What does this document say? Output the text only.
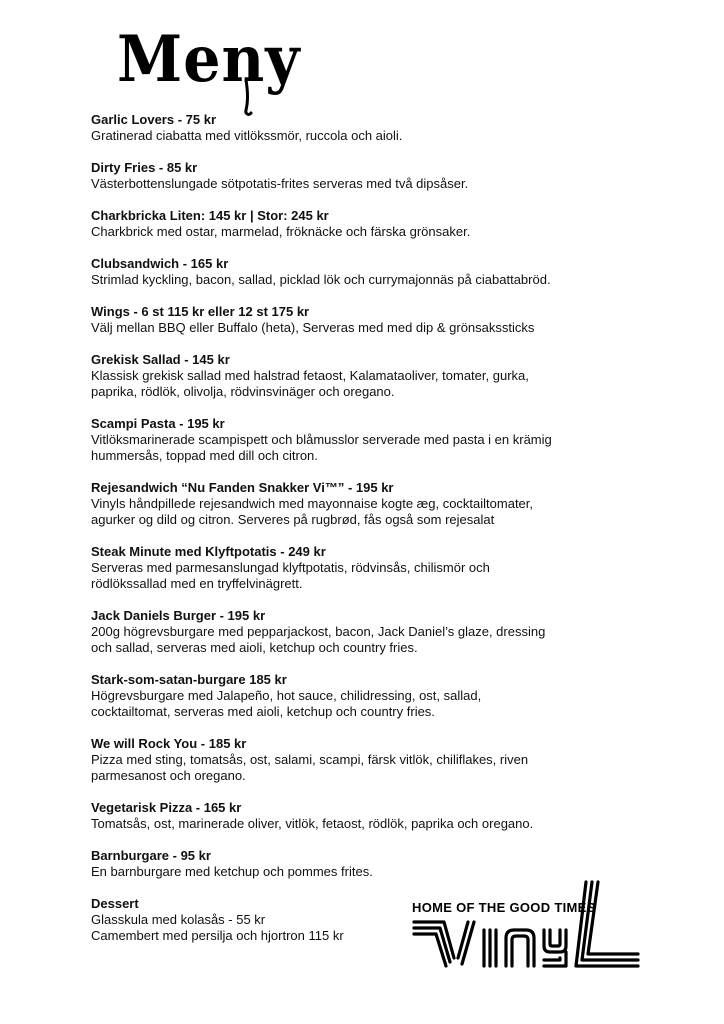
Meny
Garlic Lovers - 75 kr
Gratinerad ciabatta med vitlökssmör, ruccola och aioli.
Dirty Fries - 85 kr
Västerbottenslungade sötpotatis-frites serveras med två dipsåser.
Charkbricka Liten: 145 kr | Stor: 245 kr
Charkbrick med ostar, marmelad, fröknäcke och färska grönsaker.
Clubsandwich - 165 kr
Strimlad kyckling, bacon, sallad, picklad lök och currymajonnäs på ciabattabröd.
Wings - 6 st 115 kr eller 12 st 175 kr
Välj mellan BBQ eller Buffalo (heta), Serveras med med dip & grönsakssticks
Grekisk Sallad - 145 kr
Klassisk grekisk sallad med halstrad fetaost, Kalamataoliver, tomater, gurka, paprika, rödlök, olivolja, rödvinsvinäger och oregano.
Scampi Pasta - 195 kr
Vitlöksmarinerade scampispett och blåmusslor serverade med pasta i en krämig hummersås, toppad med dill och citron.
Rejesandwich “Nu Fanden Snakker Vi™” - 195 kr
Vinyls håndpillede rejesandwich med mayonnaise kogte æg, cocktailtomater, agurker og dild og citron. Serveres på rugbrød, fås også som rejesalat
Steak Minute med Klyftpotatis - 249 kr
Serveras med parmesanslungad klyftpotatis, rödvinsås, chilismör och rödlökssallad med en tryffelvinägrett.
Jack Daniels Burger - 195 kr
200g högrevsburgare med pepparjackost, bacon, Jack Daniel’s glaze, dressing och sallad, serveras med aioli, ketchup och country fries.
Stark-som-satan-burgare 185 kr
Högrevsburgare med Jalapeño, hot sauce, chilidressing, ost, sallad, cocktailtomat, serveras med aioli, ketchup och country fries.
We will Rock You - 185 kr
Pizza med sting, tomatsås, ost, salami, scampi, färsk vitlök, chiliflakes, riven parmesanost och oregano.
Vegetarisk Pizza - 165 kr
Tomatsås, ost, marinerade oliver, vitlök, fetaost, rödlök, paprika och oregano.
Barnburgare - 95 kr
En barnburgare med ketchup och pommes frites.
Dessert
Glasskula med kolasås - 55 kr
Camembert med persilja och hjortron 115 kr
HOME OF THE GOOD TIMES
